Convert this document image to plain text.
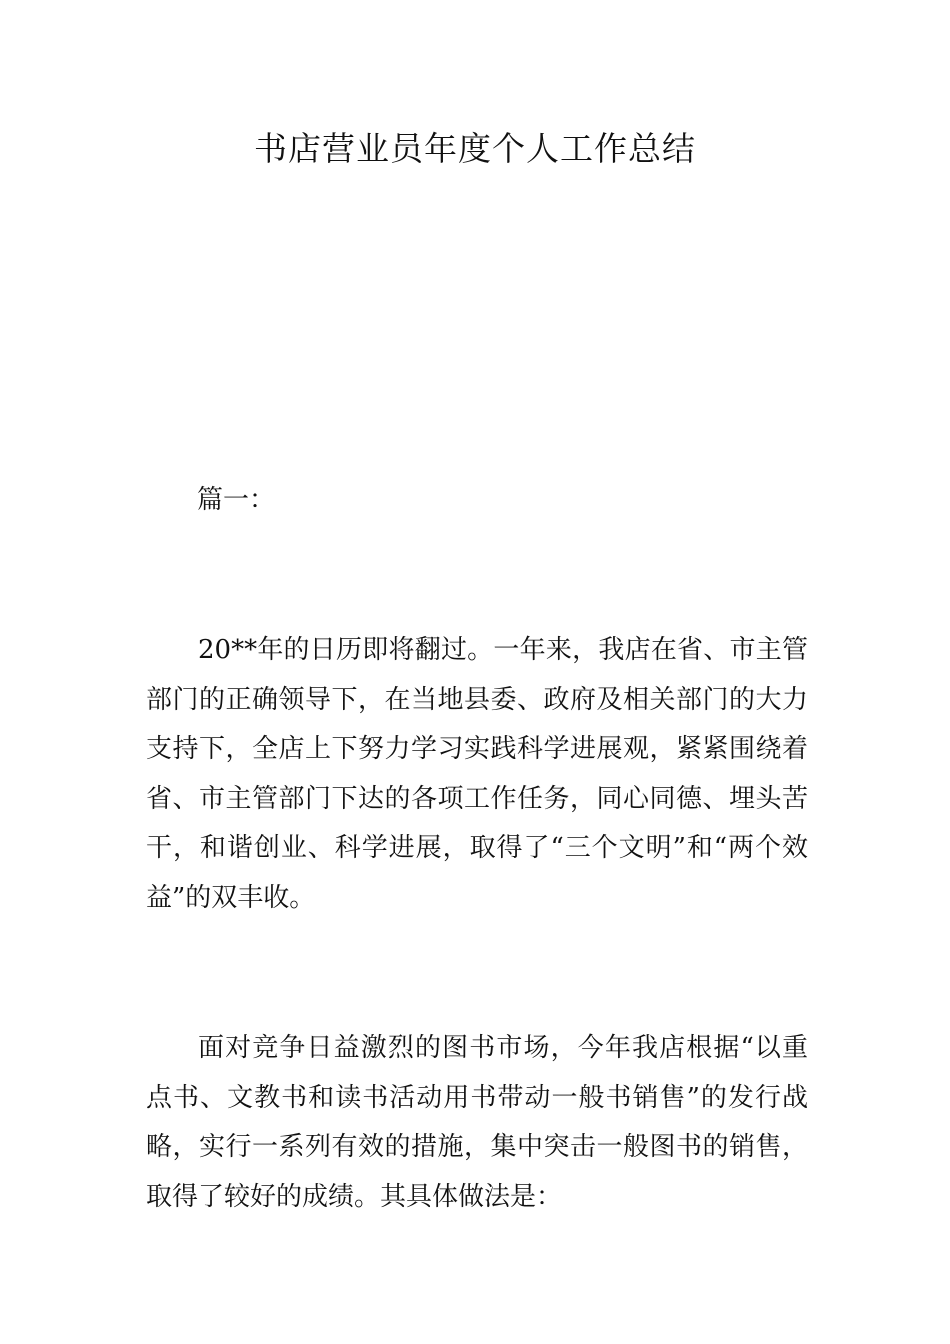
书店营业员年度个人工作总结

篇一：

20**年的日历即将翻过。一年来，我店在省、市主管部门的正确领导下，在当地县委、政府及相关部门的大力支持下，全店上下努力学习实践科学进展观，紧紧围绕着省、市主管部门下达的各项工作任务，同心同德、埋头苦干，和谐创业、科学进展，取得了“三个文明”和“两个效益”的双丰收。

面对竞争日益激烈的图书市场，今年我店根据“以重点书、文教书和读书活动用书带动一般书销售”的发行战略，实行一系列有效的措施，集中突击一般图书的销售，取得了较好的成绩。其具体做法是：
